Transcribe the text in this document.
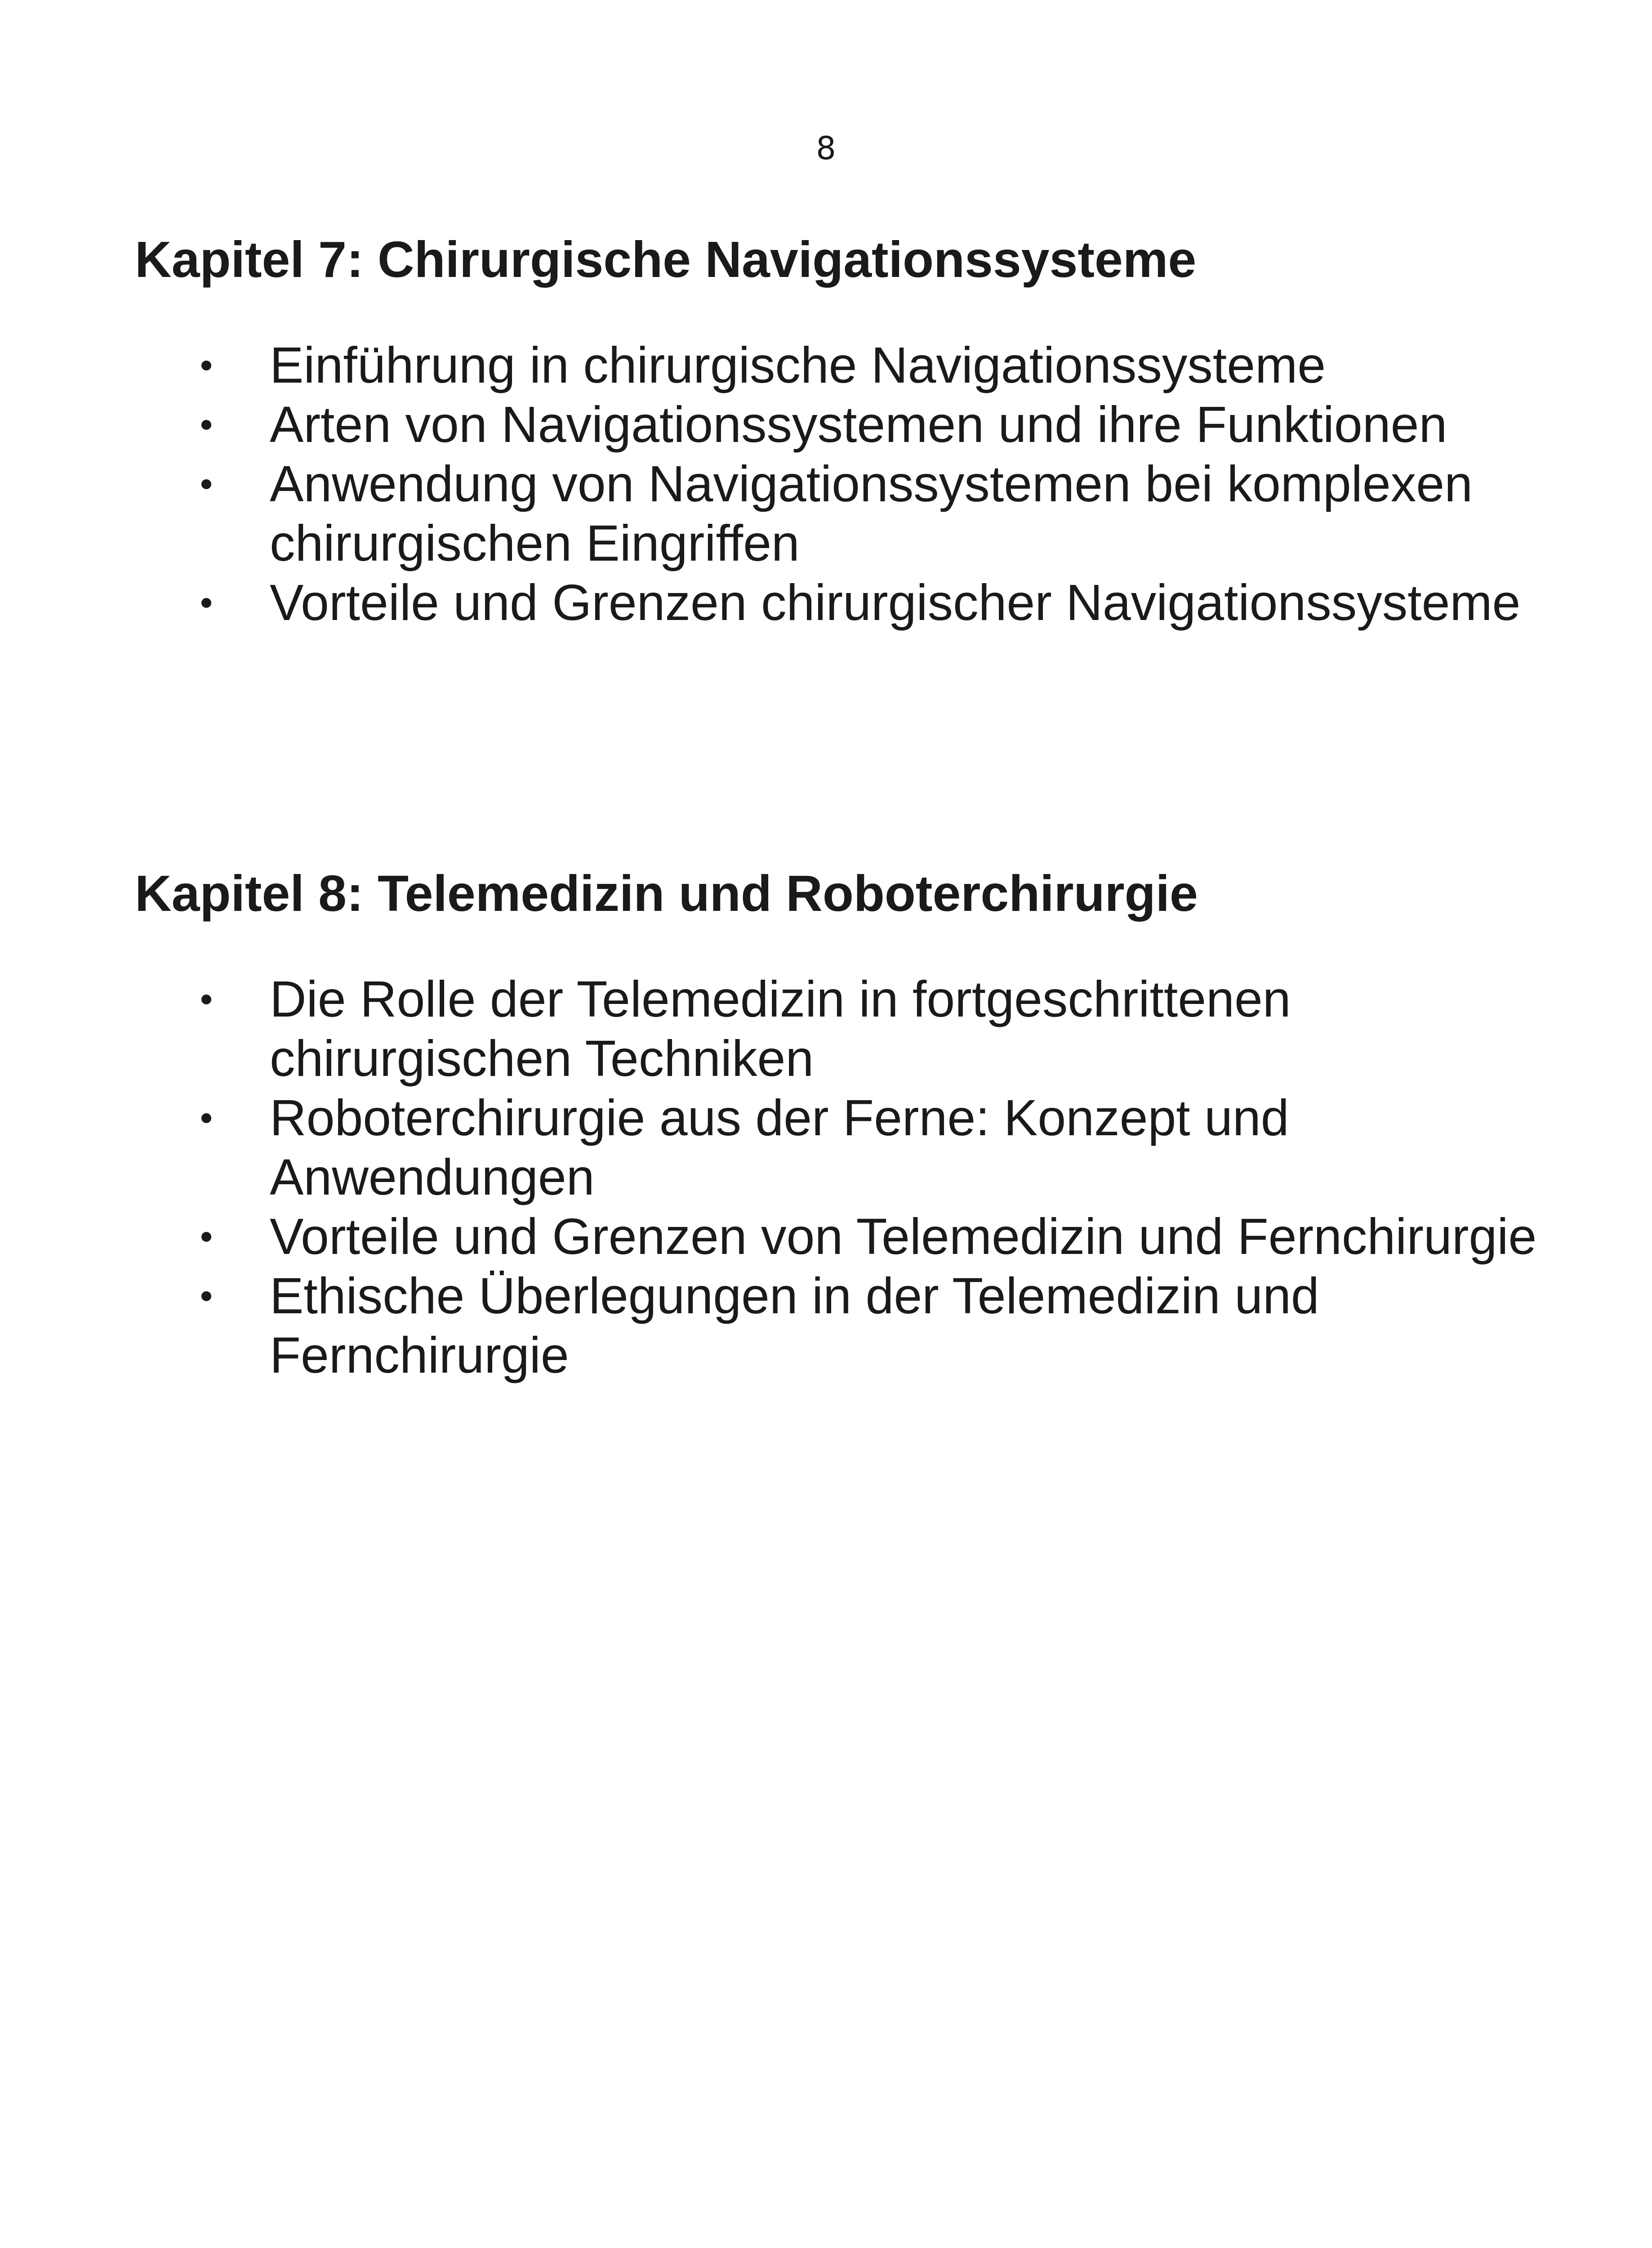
8
Kapitel 7: Chirurgische Navigationssysteme
Einführung in chirurgische Navigationssysteme
Arten von Navigationssystemen und ihre Funktionen
Anwendung von Navigationssystemen bei komplexen chirurgischen Eingriffen
Vorteile und Grenzen chirurgischer Navigationssysteme
Kapitel 8: Telemedizin und Roboterchirurgie
Die Rolle der Telemedizin in fortgeschrittenen chirurgischen Techniken
Roboterchirurgie aus der Ferne: Konzept und Anwendungen
Vorteile und Grenzen von Telemedizin und Fernchirurgie
Ethische Überlegungen in der Telemedizin und Fernchirurgie
